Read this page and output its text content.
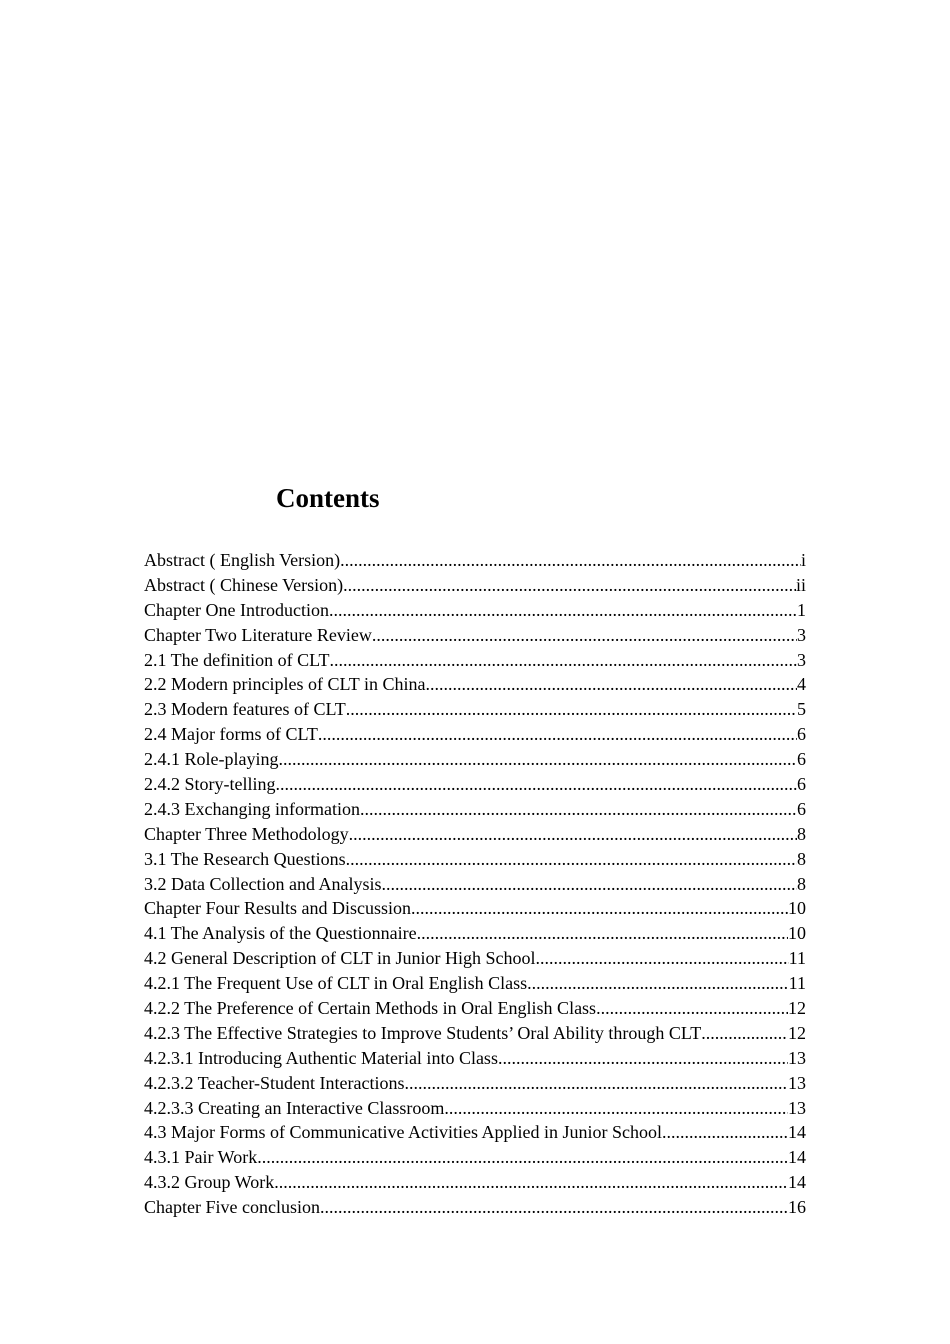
Contents
Abstract ( English Version) .....	i
Abstract ( Chinese Version) .....	ii
Chapter One Introduction .....	1
Chapter Two Literature Review .....	3
2.1 The definition of CLT .....	3
2.2 Modern principles of CLT in China .....	4
2.3 Modern features of CLT .....	5
2.4 Major forms of CLT .....	6
2.4.1 Role-playing .....	6
2.4.2 Story-telling .....	6
2.4.3 Exchanging information .....	6
Chapter Three Methodology .....	8
3.1 The Research Questions .....	8
3.2 Data Collection and Analysis .....	8
Chapter Four Results and Discussion .....	10
4.1 The Analysis of the Questionnaire .....	10
4.2 General Description of CLT in Junior High School .....	11
4.2.1 The Frequent Use of CLT in Oral English Class .....	11
4.2.2 The Preference of Certain Methods in Oral English Class .....	12
4.2.3 The Effective Strategies to Improve Students’ Oral Ability through CLT .....	12
4.2.3.1 Introducing Authentic Material into Class .....	13
4.2.3.2 Teacher-Student Interactions .....	13
4.2.3.3 Creating an Interactive Classroom .....	13
4.3 Major Forms of Communicative Activities Applied in Junior School .....	14
4.3.1 Pair Work .....	14
4.3.2 Group Work .....	14
Chapter Five conclusion .....	16
